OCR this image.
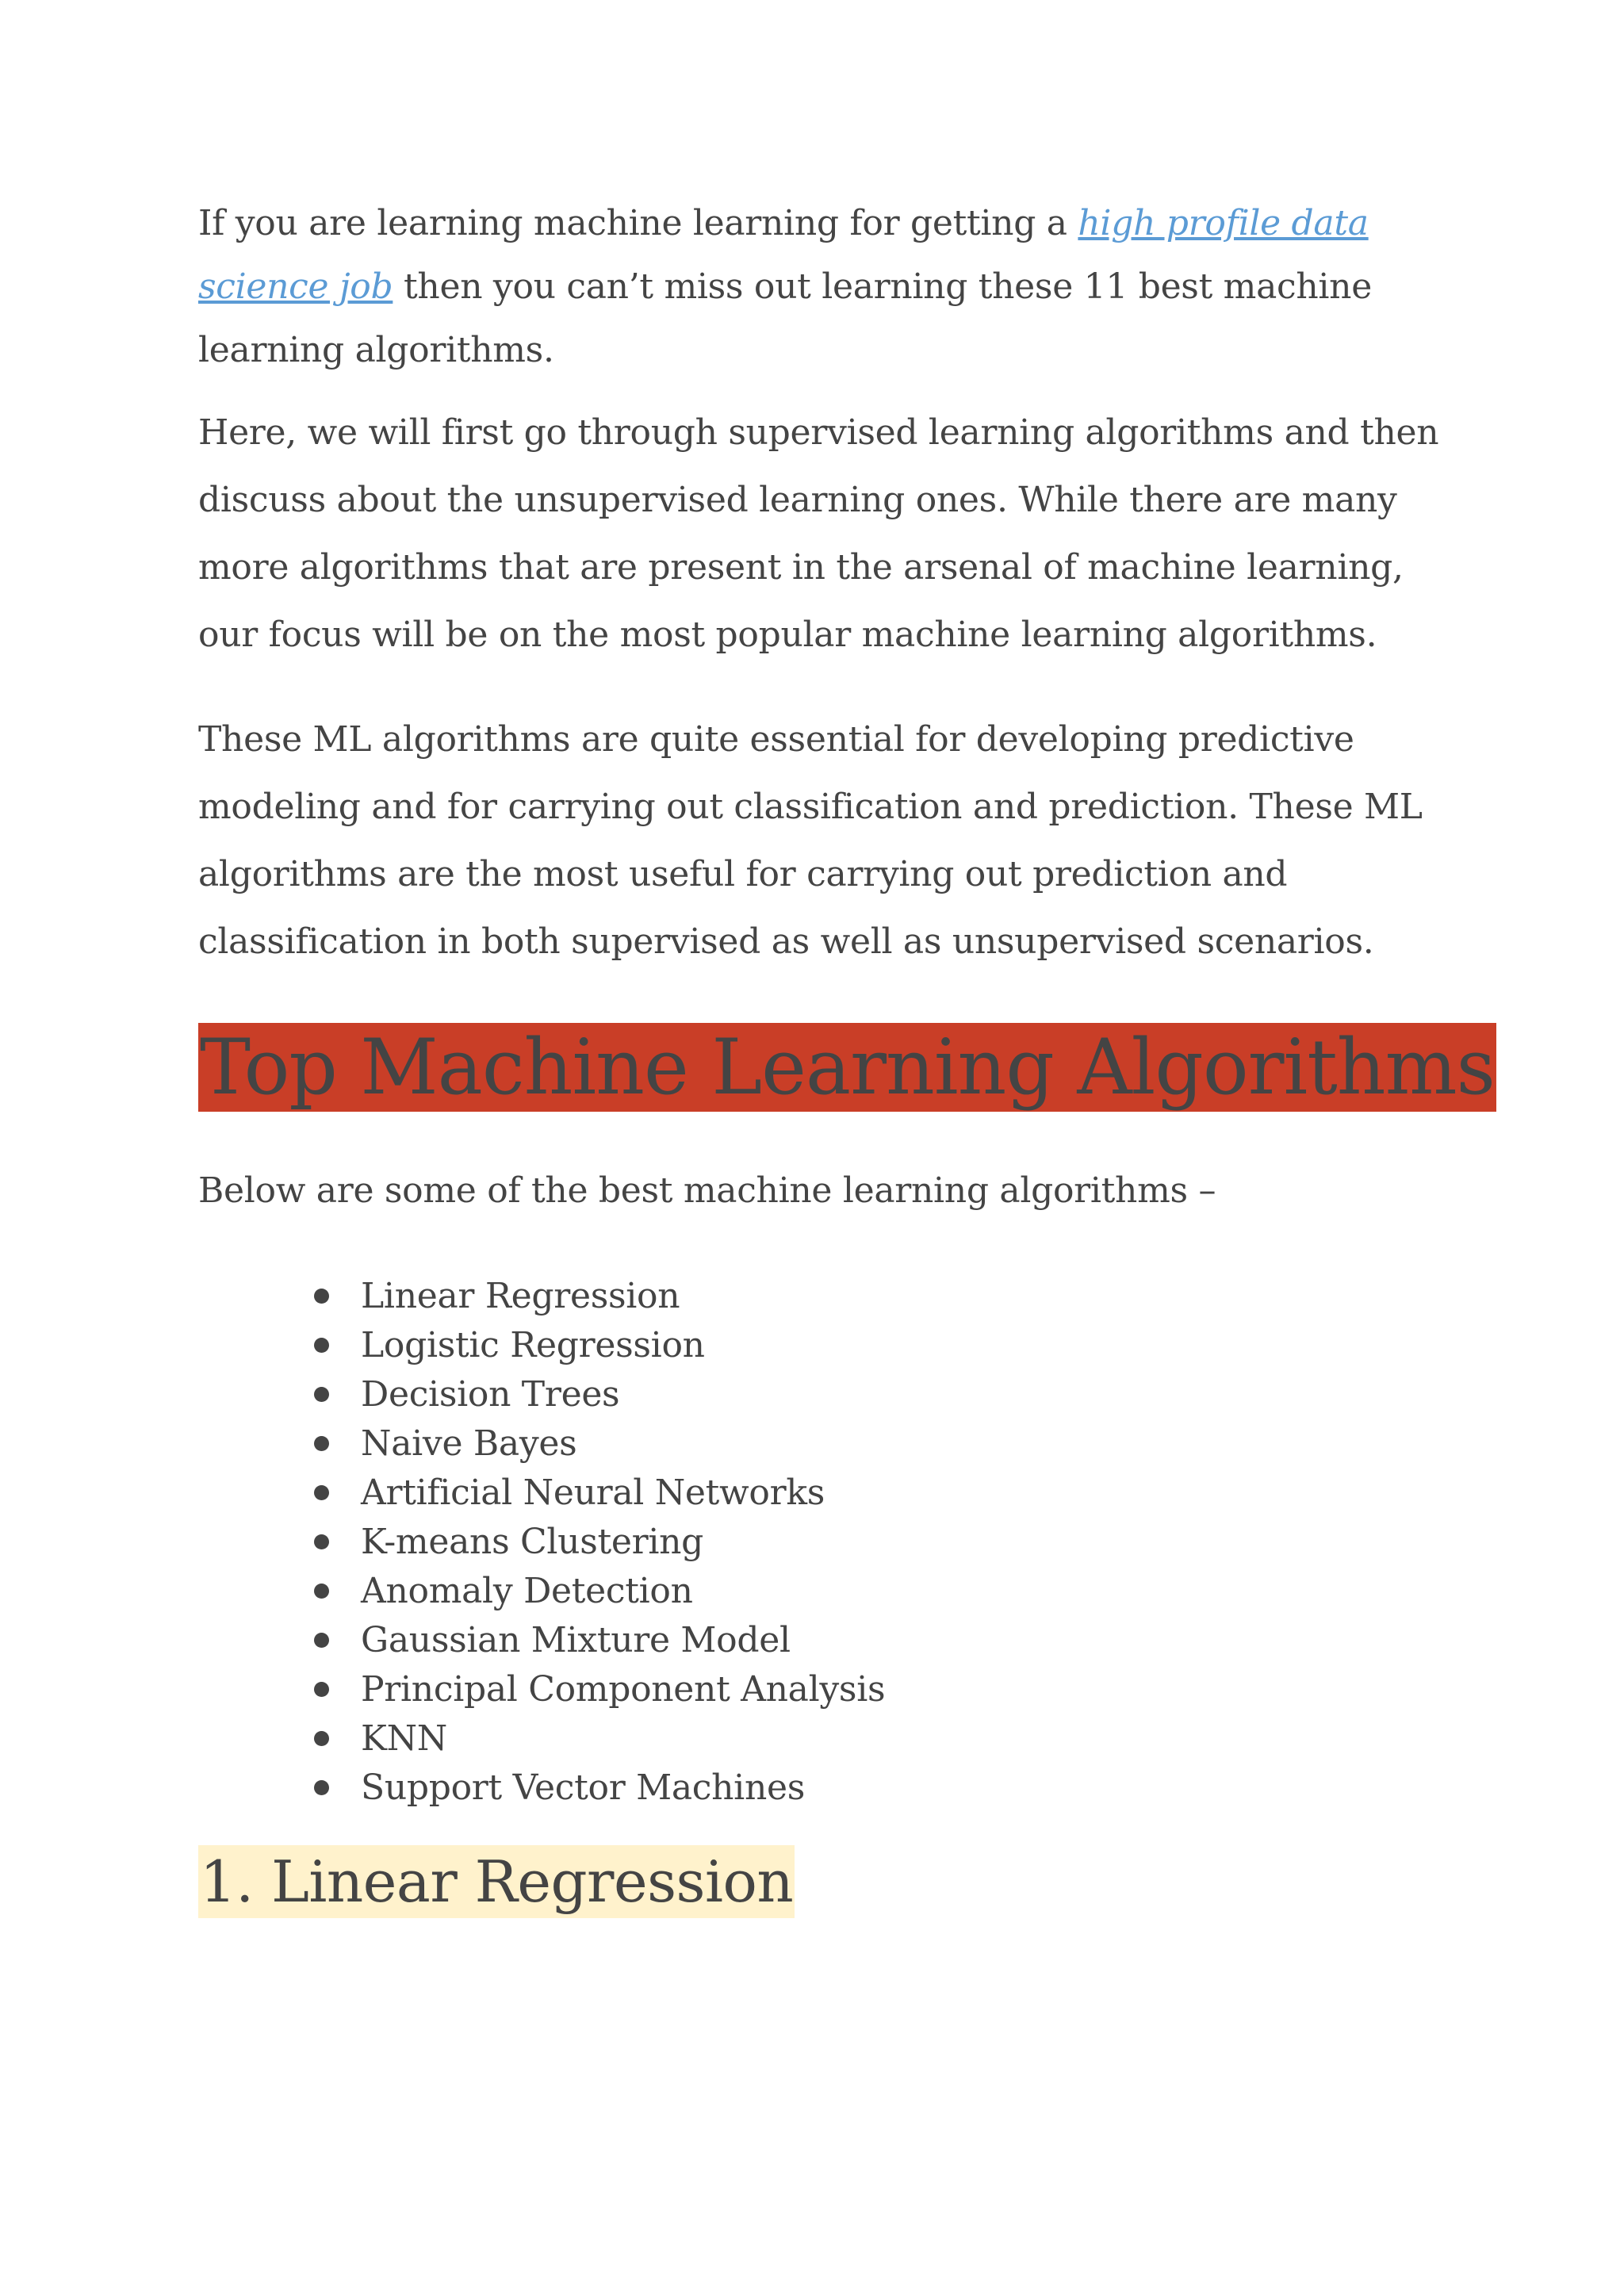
If you are learning machine learning for getting a high profile data science job then you can’t miss out learning these 11 best machine learning algorithms.

Here, we will first go through supervised learning algorithms and then discuss about the unsupervised learning ones. While there are many more algorithms that are present in the arsenal of machine learning, our focus will be on the most popular machine learning algorithms.

These ML algorithms are quite essential for developing predictive modeling and for carrying out classification and prediction. These ML algorithms are the most useful for carrying out prediction and classification in both supervised as well as unsupervised scenarios.

Top Machine Learning Algorithms

Below are some of the best machine learning algorithms –

Linear Regression
Logistic Regression
Decision Trees
Naive Bayes
Artificial Neural Networks
K-means Clustering
Anomaly Detection
Gaussian Mixture Model
Principal Component Analysis
KNN
Support Vector Machines
1. Linear Regression
